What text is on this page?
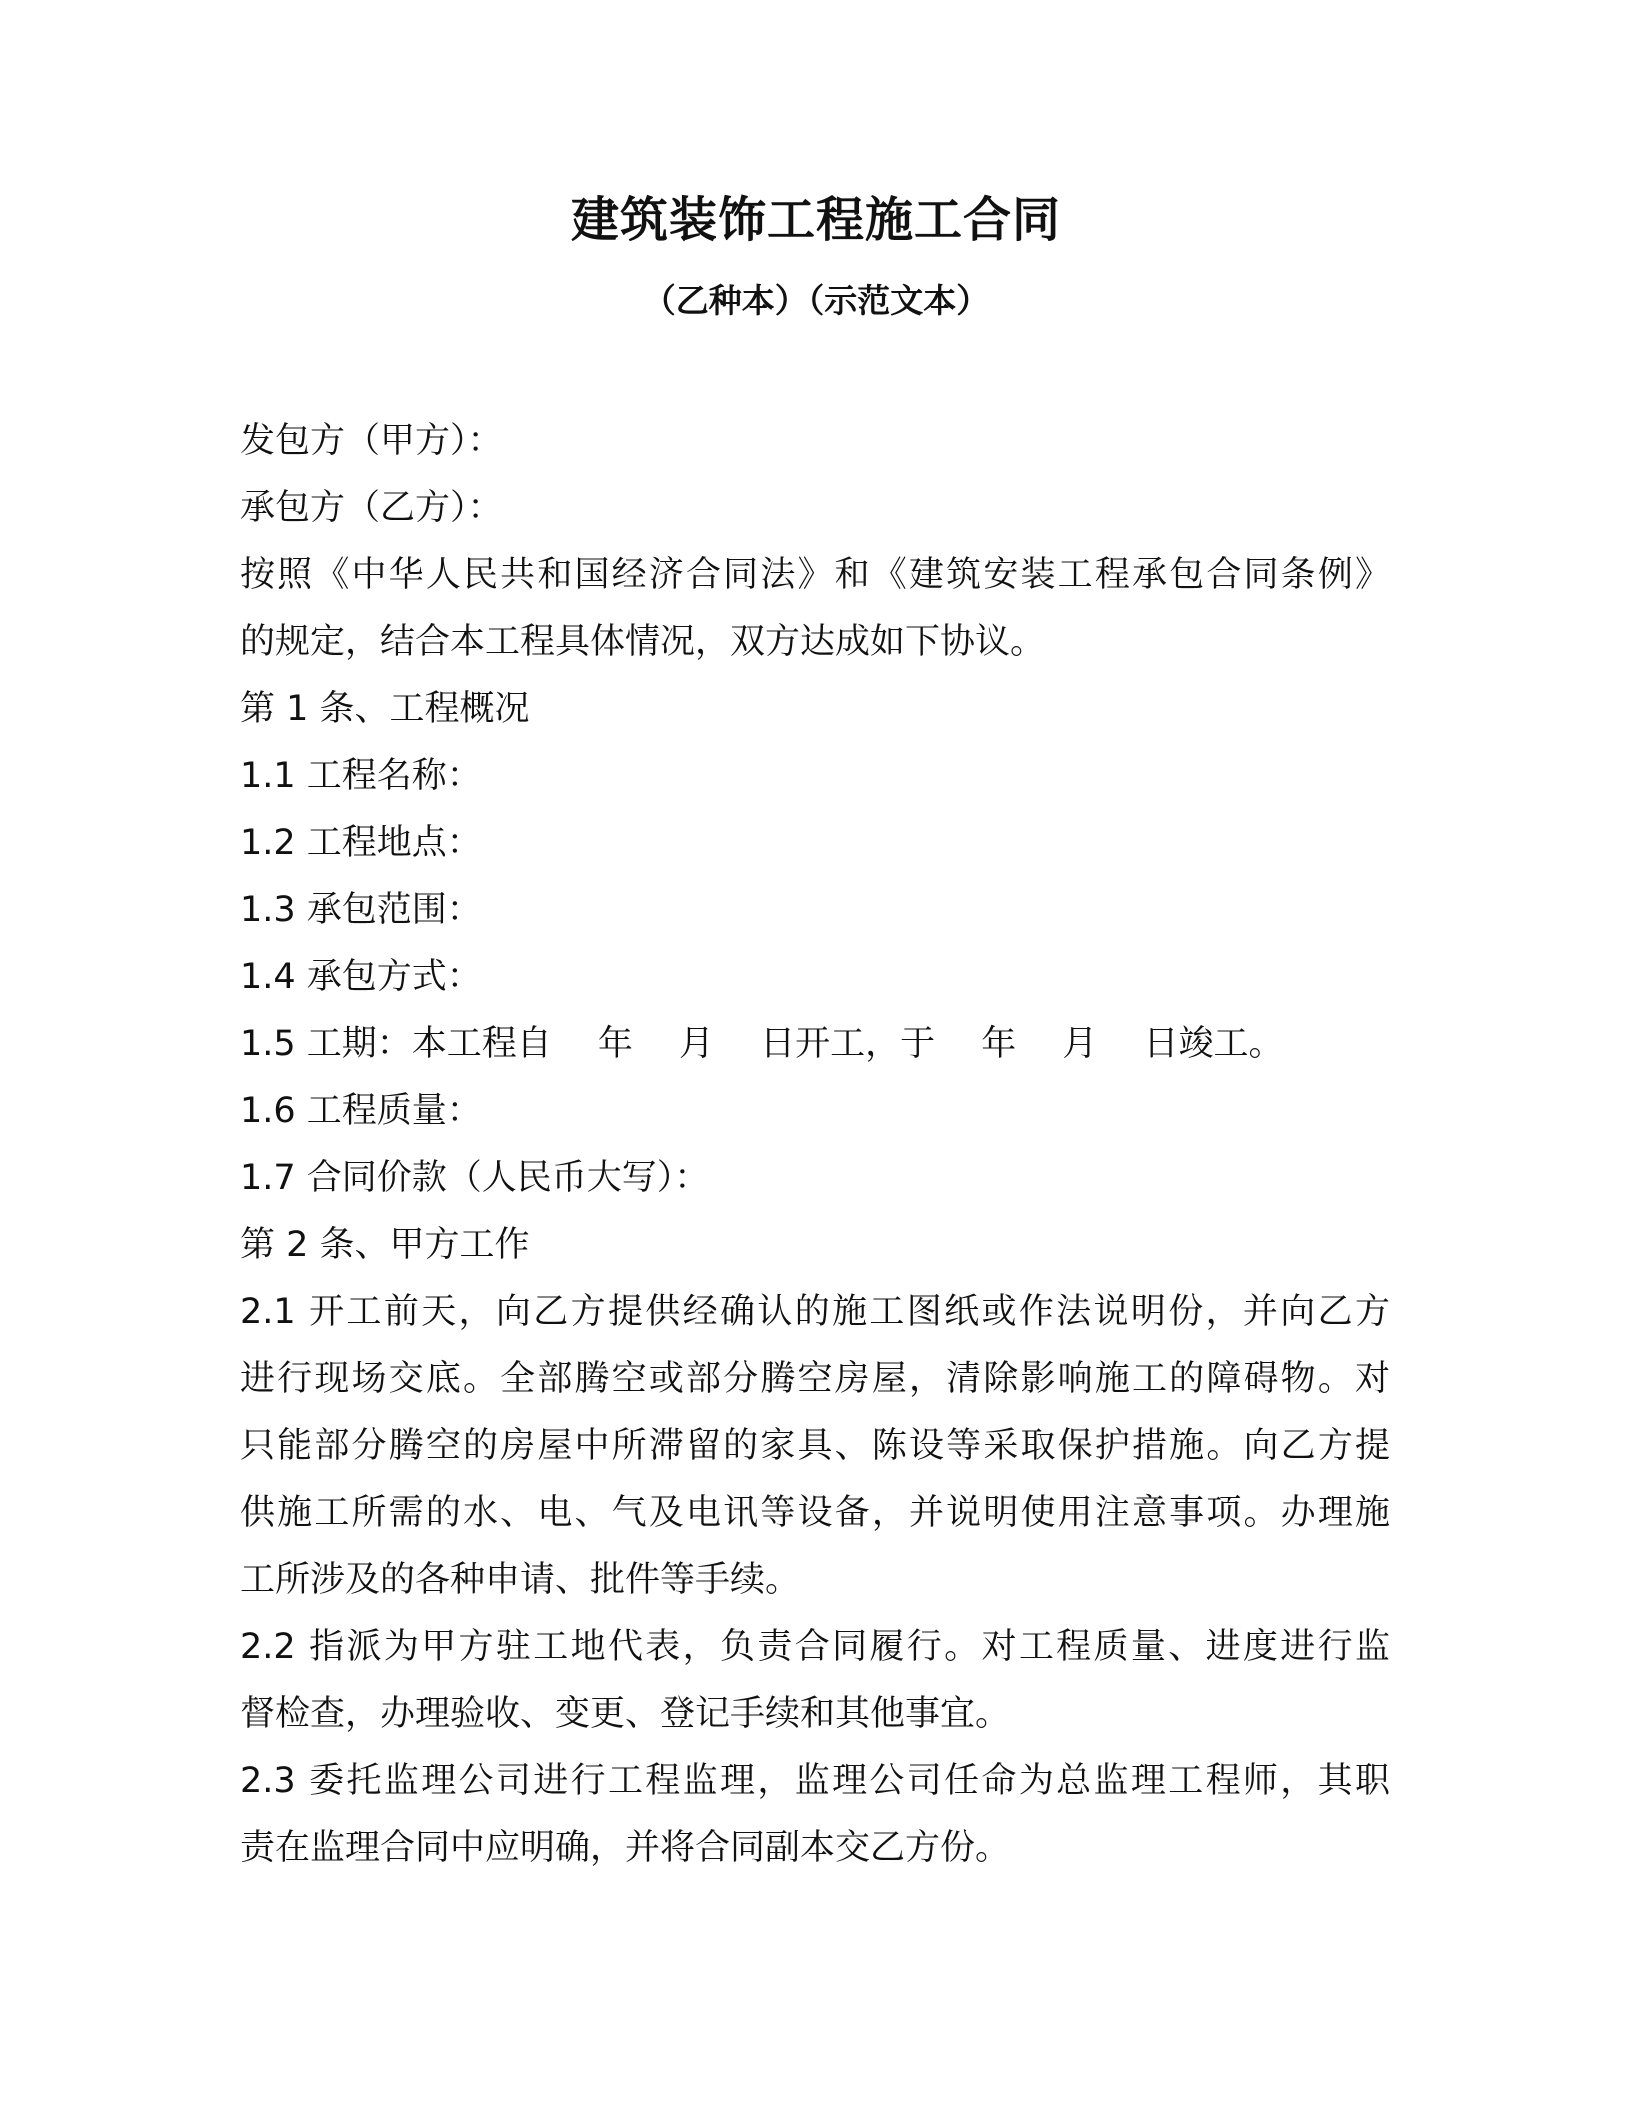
建筑装饰工程施工合同
（乙种本）（示范文本）
发包方（甲方）：
承包方（乙方）：
按照《中华人民共和国经济合同法》和《建筑安装工程承包合同条例》
的规定，结合本工程具体情况，双方达成如下协议。
第 1 条、工程概况
1.1 工程名称：
1.2 工程地点：
1.3 承包范围：
1.4 承包方式：
1.5 工期：本工程自　 年　 月　 日开工，于　 年　 月　 日竣工。
1.6 工程质量：
1.7 合同价款（人民币大写）：
第 2 条、甲方工作
2.1 开工前天，向乙方提供经确认的施工图纸或作法说明份，并向乙方
进行现场交底。全部腾空或部分腾空房屋，清除影响施工的障碍物。对
只能部分腾空的房屋中所滞留的家具、陈设等采取保护措施。向乙方提
供施工所需的水、电、气及电讯等设备，并说明使用注意事项。办理施
工所涉及的各种申请、批件等手续。
2.2 指派为甲方驻工地代表，负责合同履行。对工程质量、进度进行监
督检查，办理验收、变更、登记手续和其他事宜。
2.3 委托监理公司进行工程监理，监理公司任命为总监理工程师，其职
责在监理合同中应明确，并将合同副本交乙方份。
